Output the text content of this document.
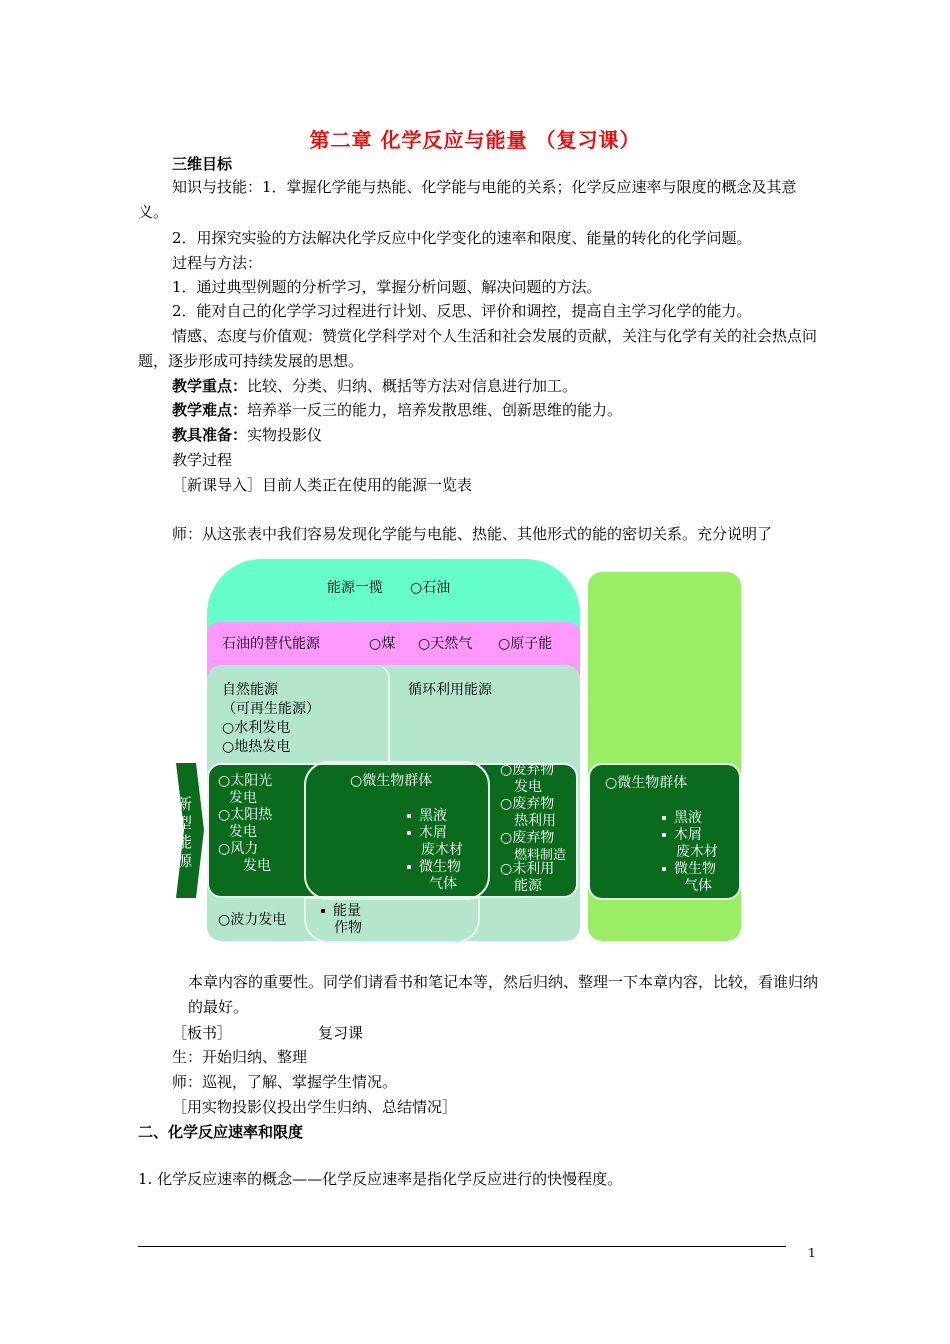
第二章 化学反应与能量 （复习课）
三维目标
知识与技能：1．掌握化学能与热能、化学能与电能的关系；化学反应速率与限度的概念及其意义。
2．用探究实验的方法解决化学反应中化学变化的速率和限度、能量的转化的化学问题。
过程与方法：
1．通过典型例题的分析学习，掌握分析问题、解决问题的方法。
2．能对自己的化学学习过程进行计划、反思、评价和调控，提高自主学习化学的能力。
情感、态度与价值观：赞赏化学科学对个人生活和社会发展的贡献，关注与化学有关的社会热点问题，逐步形成可持续发展的思想。
教学重点：比较、分类、归纳、概括等方法对信息进行加工。
教学难点：培养举一反三的能力，培养发散思维、创新思维的能力。
教具准备：实物投影仪
教学过程
［新课导入］目前人类正在使用的能源一览表
师：从这张表中我们容易发现化学能与电能、热能、其他形式的能的密切关系。充分说明了
能源一揽 ○石油
石油的替代能源	○煤 ○天然气 ○原子能
自然能源
（可再生能源）
○水利发电
○地热发电
循环利用能源
新
型
能
源
○太阳光
发电
○太阳热
发电
○风力
发电
○微生物群体
黑液
木屑
废木材
微生物
气体
○废弃物
发电
○废弃物
热利用
○废弃物
燃料制造
○未利用
能源
○波力发电
能量
作物
○微生物群体
黑液
木屑
废木材
微生物
气体
本章内容的重要性。同学们请看书和笔记本等，然后归纳、整理一下本章内容，比较，看谁归纳的最好。
［板书］	复习课
生：开始归纳、整理
师：巡视，了解、掌握学生情况。
［用实物投影仪投出学生归纳、总结情况］
二、化学反应速率和限度
1. 化学反应速率的概念——化学反应速率是指化学反应进行的快慢程度。
1
